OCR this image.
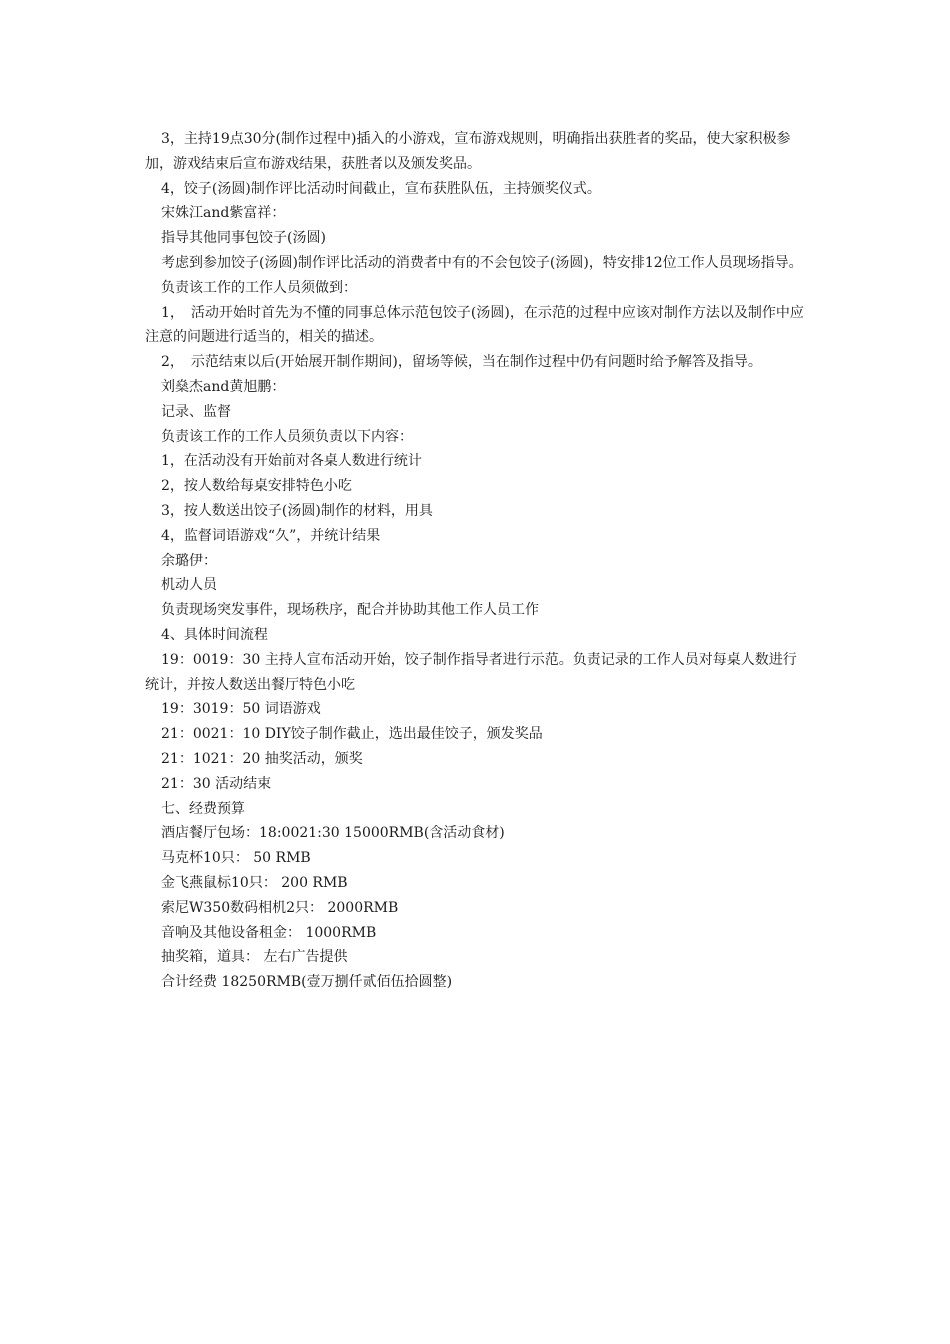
3，主持19点30分(制作过程中)插入的小游戏，宣布游戏规则，明确指出获胜者的奖品，使大家积极参加，游戏结束后宣布游戏结果，获胜者以及颁发奖品。

4，饺子(汤圆)制作评比活动时间截止，宣布获胜队伍，主持颁奖仪式。

宋姝江and紫富祥：

指导其他同事包饺子(汤圆)

考虑到参加饺子(汤圆)制作评比活动的消费者中有的不会包饺子(汤圆)，特安排12位工作人员现场指导。

负责该工作的工作人员须做到：

1，　活动开始时首先为不懂的同事总体示范包饺子(汤圆)，在示范的过程中应该对制作方法以及制作中应注意的问题进行适当的，相关的描述。

2，　示范结束以后(开始展开制作期间)，留场等候，当在制作过程中仍有问题时给予解答及指导。

刘燊杰and黄旭鹏：

记录、监督

负责该工作的工作人员须负责以下内容：

1，在活动没有开始前对各桌人数进行统计

2，按人数给每桌安排特色小吃

3，按人数送出饺子(汤圆)制作的材料，用具

4，监督词语游戏“久”，并统计结果

余璐伊：

机动人员

负责现场突发事件，现场秩序，配合并协助其他工作人员工作

4、具体时间流程

19：0019：30 主持人宣布活动开始，饺子制作指导者进行示范。负责记录的工作人员对每桌人数进行统计，并按人数送出餐厅特色小吃

19：3019：50 词语游戏

21：0021：10 DIY饺子制作截止，选出最佳饺子，颁发奖品

21：1021：20 抽奖活动，颁奖

21：30 活动结束

七、经费预算

酒店餐厅包场：18:0021:30 15000RMB(含活动食材)

马克杯10只： 50 RMB

金飞燕鼠标10只： 200 RMB

索尼W350数码相机2只： 2000RMB

音响及其他设备租金： 1000RMB

抽奖箱，道具： 左右广告提供

合计经费 18250RMB(壹万捌仟贰佰伍拾圆整)
